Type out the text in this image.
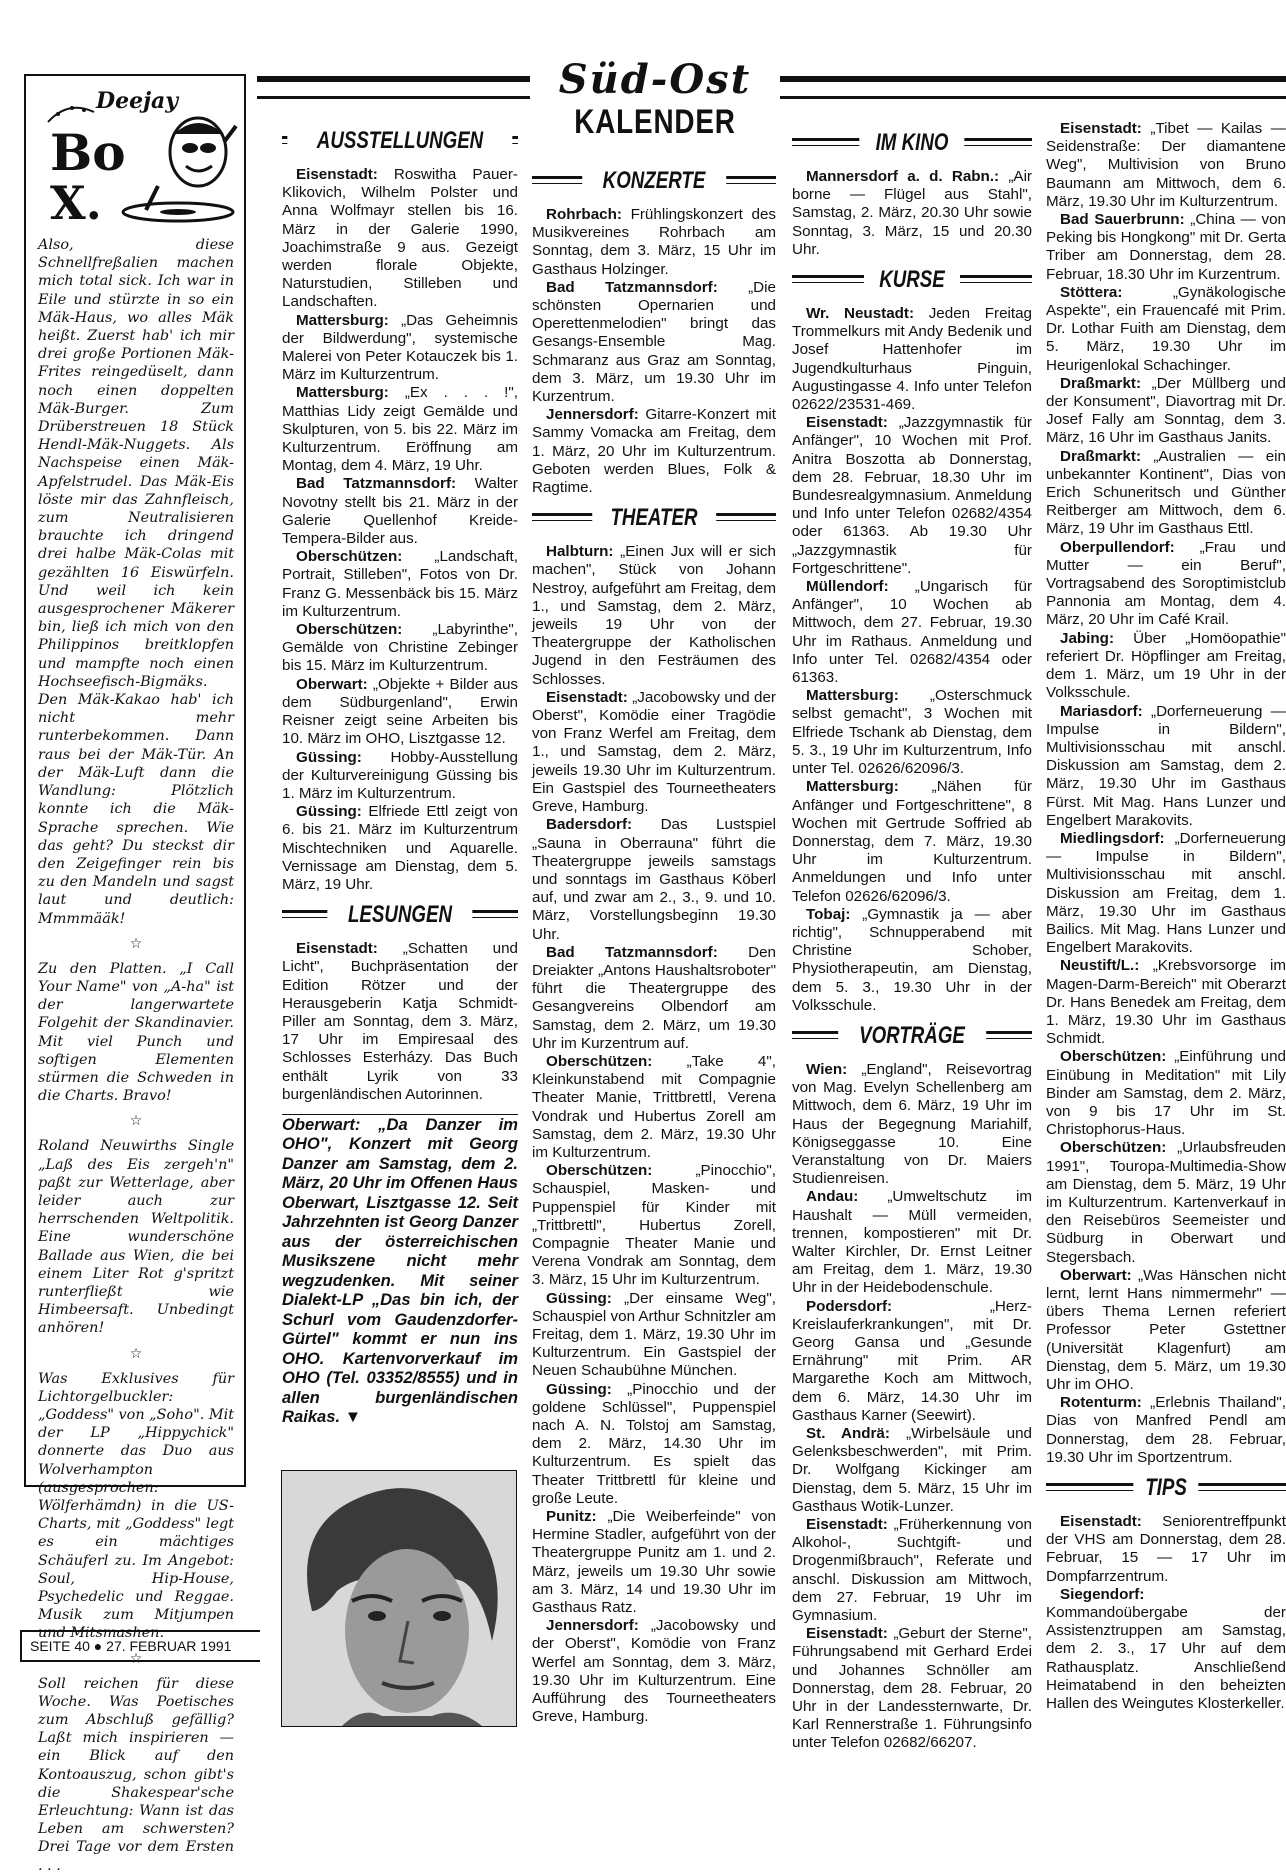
Süd-Ost
KALENDER
Deejay
Bo
X.

Also, diese Schnellfreßalien machen mich total sick. Ich war in Eile und stürzte in so ein Mäk-Haus, wo alles Mäk heißt. Zuerst hab' ich mir drei große Portionen Mäk-Frites reingedüselt, dann noch einen doppelten Mäk-Burger. Zum Drüberstreuen 18 Stück Hendl-Mäk-Nuggets. Als Nachspeise einen Mäk-Apfelstrudel. Das Mäk-Eis löste mir das Zahnfleisch, zum Neutralisieren brauchte ich dringend drei halbe Mäk-Colas mit gezählten 16 Eiswürfeln. Und weil ich kein ausgesprochener Mäkerer bin, ließ ich mich von den Philippinos breitklopfen und mampfte noch einen Hochseefisch-Bigmäks. Den Mäk-Kakao hab' ich nicht mehr runterbekommen. Dann raus bei der Mäk-Tür. An der Mäk-Luft dann die Wandlung: Plötzlich konnte ich die Mäk-Sprache sprechen. Wie das geht? Du steckst dir den Zeigefinger rein bis zu den Mandeln und sagst laut und deutlich: Mmmmääk!

☆

Zu den Platten. „I Call Your Name" von „A-ha" ist der langerwartete Folgehit der Skandinavier. Mit viel Punch und softigen Elementen stürmen die Schweden in die Charts. Bravo!

☆

Roland Neuwirths Single „Laß des Eis zergeh'n" paßt zur Wetterlage, aber leider auch zur herrschenden Weltpolitik. Eine wunderschöne Ballade aus Wien, die bei einem Liter Rot g'spritzt runterfließt wie Himbeersaft. Unbedingt anhören!

☆

Was Exklusives für Lichtorgelbuckler: „Goddess" von „Soho". Mit der LP „Hippychick" donnerte das Duo aus Wolverhampton (ausgesprochen: Wölferhämdn) in die US-Charts, mit „Goddess" legt es ein mächtiges Schäuferl zu. Im Angebot: Soul, Hip-House, Psychedelic und Reggae. Musik zum Mitjumpen und Mitsmashen.

☆

Soll reichen für diese Woche. Was Poetisches zum Abschluß gefällig? Laßt mich inspirieren — ein Blick auf den Kontoauszug, schon gibt's die Shakespear'sche Erleuchtung: Wann ist das Leben am schwersten? Drei Tage vor dem Ersten . . .

SEITE 40 ● 27. FEBRUAR 1991
AUSSTELLUNGEN

Eisenstadt: Roswitha Pauer-Klikovich, Wilhelm Polster und Anna Wolfmayr stellen bis 16. März in der Galerie 1990, Joachimstraße 9 aus. Gezeigt werden florale Objekte, Naturstudien, Stilleben und Landschaften.

Mattersburg: „Das Geheimnis der Bildwerdung", systemische Malerei von Peter Kotauczek bis 1. März im Kulturzentrum.

Mattersburg: „Ex . . . !", Matthias Lidy zeigt Gemälde und Skulpturen, von 5. bis 22. März im Kulturzentrum. Eröffnung am Montag, dem 4. März, 19 Uhr.

Bad Tatzmannsdorf: Walter Novotny stellt bis 21. März in der Galerie Quellenhof Kreide-Tempera-Bilder aus.

Oberschützen: „Landschaft, Portrait, Stilleben", Fotos von Dr. Franz G. Messenbäck bis 15. März im Kulturzentrum.

Oberschützen: „Labyrinthe", Gemälde von Christine Zebinger bis 15. März im Kulturzentrum.

Oberwart: „Objekte + Bilder aus dem Südburgenland", Erwin Reisner zeigt seine Arbeiten bis 10. März im OHO, Lisztgasse 12.

Güssing: Hobby-Ausstellung der Kulturvereinigung Güssing bis 1. März im Kulturzentrum.

Güssing: Elfriede Ettl zeigt von 6. bis 21. März im Kulturzentrum Mischtechniken und Aquarelle. Vernissage am Dienstag, dem 5. März, 19 Uhr.

LESUNGEN

Eisenstadt: „Schatten und Licht", Buchpräsentation der Edition Rötzer und der Herausgeberin Katja Schmidt-Piller am Sonntag, dem 3. März, 17 Uhr im Empiresaal des Schlosses Esterházy. Das Buch enthält Lyrik von 33 burgenländischen Autorinnen.

Oberwart: „Da Danzer im OHO", Konzert mit Georg Danzer am Samstag, dem 2. März, 20 Uhr im Offenen Haus Oberwart, Lisztgasse 12. Seit Jahrzehnten ist Georg Danzer aus der österreichischen Musikszene nicht mehr wegzudenken. Mit seiner Dialekt-LP „Das bin ich, der Schurl vom Gaudenzdorfer-Gürtel" kommt er nun ins OHO. Kartenvorverkauf im OHO (Tel. 03352/8555) und in allen burgenländischen Raikas. ▼

KONZERTE

Rohrbach: Frühlingskonzert des Musikvereines Rohrbach am Sonntag, dem 3. März, 15 Uhr im Gasthaus Holzinger.

Bad Tatzmannsdorf: „Die schönsten Opernarien und Operettenmelodien" bringt das Gesangs-Ensemble Mag. Schmaranz aus Graz am Sonntag, dem 3. März, um 19.30 Uhr im Kurzentrum.

Jennersdorf: Gitarre-Konzert mit Sammy Vomacka am Freitag, dem 1. März, 20 Uhr im Kulturzentrum. Geboten werden Blues, Folk & Ragtime.

THEATER

Halbturn: „Einen Jux will er sich machen", Stück von Johann Nestroy, aufgeführt am Freitag, dem 1., und Samstag, dem 2. März, jeweils 19 Uhr von der Theatergruppe der Katholischen Jugend in den Festräumen des Schlosses.

Eisenstadt: „Jacobowsky und der Oberst", Komödie einer Tragödie von Franz Werfel am Freitag, dem 1., und Samstag, dem 2. März, jeweils 19.30 Uhr im Kulturzentrum. Ein Gastspiel des Tourneetheaters Greve, Hamburg.

Badersdorf: Das Lustspiel „Sauna in Oberrauna" führt die Theatergruppe jeweils samstags und sonntags im Gasthaus Köberl auf, und zwar am 2., 3., 9. und 10. März, Vorstellungsbeginn 19.30 Uhr.

Bad Tatzmannsdorf: Den Dreiakter „Antons Haushaltsroboter" führt die Theatergruppe des Gesangvereins Olbendorf am Samstag, dem 2. März, um 19.30 Uhr im Kurzentrum auf.

Oberschützen: „Take 4", Kleinkunstabend mit Compagnie Theater Manie, Trittbrettl, Verena Vondrak und Hubertus Zorell am Samstag, dem 2. März, 19.30 Uhr im Kulturzentrum.

Oberschützen:	„Pinocchio", Schauspiel, Masken- und Puppenspiel für Kinder mit „Trittbrettl", Hubertus Zorell, Compagnie Theater Manie und Verena Vondrak am Sonntag, dem 3. März, 15 Uhr im Kulturzentrum.

Güssing: „Der einsame Weg", Schauspiel von Arthur Schnitzler am Freitag, dem 1. März, 19.30 Uhr im Kulturzentrum. Ein Gastspiel der Neuen Schaubühne München.

Güssing: „Pinocchio und der goldene Schlüssel", Puppenspiel nach A. N. Tolstoj am Samstag, dem 2. März, 14.30 Uhr im Kulturzentrum. Es spielt das Theater Trittbrettl für kleine und große Leute.

Punitz: „Die Weiberfeinde" von Hermine Stadler, aufgeführt von der Theatergruppe Punitz am 1. und 2. März, jeweils um 19.30 Uhr sowie am 3. März, 14 und 19.30 Uhr im Gasthaus Ratz.

Jennersdorf: „Jacobowsky und der Oberst", Komödie von Franz Werfel am Sonntag, dem 3. März, 19.30 Uhr im Kulturzentrum. Eine Aufführung des Tourneetheaters Greve, Hamburg.

IM KINO

Mannersdorf a. d. Rabn.: „Air borne — Flügel aus Stahl", Samstag, 2. März, 20.30 Uhr sowie Sonntag, 3. März, 15 und 20.30 Uhr.

KURSE

Wr. Neustadt: Jeden Freitag Trommelkurs mit Andy Bedenik und Josef Hattenhofer im Jugendkulturhaus Pinguin, Augustingasse 4. Info unter Telefon 02622/23531-469.

Eisenstadt: „Jazzgymnastik für Anfänger", 10 Wochen mit Prof. Anitra Boszotta ab Donnerstag, dem 28. Februar, 18.30 Uhr im Bundesrealgymnasium. Anmeldung und Info unter Telefon 02682/4354 oder 61363. Ab 19.30 Uhr „Jazzgymnastik für Fortgeschrittene".

Müllendorf: „Ungarisch für Anfänger", 10 Wochen ab Mittwoch, dem 27. Februar, 19.30 Uhr im Rathaus. Anmeldung und Info unter Tel. 02682/4354 oder 61363.

Mattersburg: „Osterschmuck selbst gemacht", 3 Wochen mit Elfriede Tschank ab Dienstag, dem 5. 3., 19 Uhr im Kulturzentrum, Info unter Tel. 02626/62096/3.

Mattersburg: „Nähen für Anfänger und Fortgeschrittene", 8 Wochen mit Gertrude Soffried ab Donnerstag, dem 7. März, 19.30 Uhr im Kulturzentrum. Anmeldungen und Info unter Telefon 02626/62096/3.

Tobaj: „Gymnastik ja — aber richtig", Schnupperabend mit Christine Schober, Physiotherapeutin, am Dienstag, dem 5. 3., 19.30 Uhr in der Volksschule.

VORTRÄGE

Wien: „England", Reisevortrag von Mag. Evelyn Schellenberg am Mittwoch, dem 6. März, 19 Uhr im Haus der Begegnung Mariahilf, Königseggasse 10. Eine Veranstaltung von Dr. Maiers Studienreisen.

Andau: „Umweltschutz im Haushalt — Müll vermeiden, trennen, kompostieren" mit Dr. Walter Kirchler, Dr. Ernst Leitner am Freitag, dem 1. März, 19.30 Uhr in der Heidebodenschule.

Podersdorf:	„Herz-Kreislauferkrankungen", mit Dr. Georg Gansa und „Gesunde Ernährung" mit Prim. AR Margarethe Koch am Mittwoch, dem 6. März, 14.30 Uhr im Gasthaus Karner (Seewirt).

St. Andrä: „Wirbelsäule und Gelenksbeschwerden", mit Prim. Dr. Wolfgang Kickinger am Dienstag, dem 5. März, 15 Uhr im Gasthaus Wotik-Lunzer.

Eisenstadt: „Früherkennung von Alkohol-, Suchtgift- und Drogenmißbrauch", Referate und anschl. Diskussion am Mittwoch, dem 27. Februar, 19 Uhr im Gymnasium.

Eisenstadt: „Geburt der Sterne", Führungsabend mit Gerhard Erdei und Johannes Schnöller am Donnerstag, dem 28. Februar, 20 Uhr in der Landessternwarte, Dr. Karl Rennerstraße 1. Führungsinfo unter Telefon 02682/66207.

Eisenstadt: „Tibet — Kailas — Seidenstraße: Der diamantene Weg", Multivision von Bruno Baumann am Mittwoch, dem 6. März, 19.30 Uhr im Kulturzentrum.

Bad Sauerbrunn: „China — von Peking bis Hongkong" mit Dr. Gerta Triber am Donnerstag, dem 28. Februar, 18.30 Uhr im Kurzentrum.

Stöttera:	„Gynäkologische Aspekte", ein Frauencafé mit Prim. Dr. Lothar Fuith am Dienstag, dem 5. März, 19.30 Uhr im Heurigenlokal Schachinger.

Draßmarkt: „Der Müllberg und der Konsument", Diavortrag mit Dr. Josef Fally am Sonntag, dem 3. März, 16 Uhr im Gasthaus Janits.

Draßmarkt: „Australien — ein unbekannter Kontinent", Dias von Erich Schuneritsch und Günther Reitberger am Mittwoch, dem 6. März, 19 Uhr im Gasthaus Ettl.

Oberpullendorf: „Frau und Mutter — ein Beruf", Vortragsabend des Soroptimistclub Pannonia am Montag, dem 4. März, 20 Uhr im Café Krail.

Jabing: Über „Homöopathie" referiert Dr. Höpflinger am Freitag, dem 1. März, um 19 Uhr in der Volksschule.

Mariasdorf: „Dorferneuerung — Impulse in Bildern", Multivisionsschau mit anschl. Diskussion am Samstag, dem 2. März, 19.30 Uhr im Gasthaus Fürst. Mit Mag. Hans Lunzer und Engelbert Marakovits.

Miedlingsdorf: „Dorferneuerung — Impulse in Bildern", Multivisionsschau mit anschl. Diskussion am Freitag, dem 1. März, 19.30 Uhr im Gasthaus Bailics. Mit Mag. Hans Lunzer und Engelbert Marakovits.

Neustift/L.: „Krebsvorsorge im Magen-Darm-Bereich" mit Oberarzt Dr. Hans Benedek am Freitag, dem 1. März, 19.30 Uhr im Gasthaus Schmidt.

Oberschützen: „Einführung und Einübung in Meditation" mit Lily Binder am Samstag, dem 2. März, von 9 bis 17 Uhr im St. Christophorus-Haus.

Oberschützen: „Urlaubsfreuden 1991", Touropa-Multimedia-Show am Dienstag, dem 5. März, 19 Uhr im Kulturzentrum. Kartenverkauf in den Reisebüros Seemeister und Südburg in Oberwart und Stegersbach.

Oberwart: „Was Hänschen nicht lernt, lernt Hans nimmermehr" — übers Thema Lernen referiert Professor Peter Gstettner (Universität Klagenfurt) am Dienstag, dem 5. März, um 19.30 Uhr im OHO.

Rotenturm: „Erlebnis Thailand", Dias von Manfred Pendl am Donnerstag, dem 28. Februar, 19.30 Uhr im Sportzentrum.

TIPS

Eisenstadt: Seniorentreffpunkt der VHS am Donnerstag, dem 28. Februar, 15 — 17 Uhr im Dompfarrzentrum.

Siegendorf: Kommandoübergabe der Assistenztruppen am Samstag, dem 2. 3., 17 Uhr auf dem Rathausplatz. Anschließend Heimatabend in den beheizten Hallen des Weingutes Klosterkeller.
